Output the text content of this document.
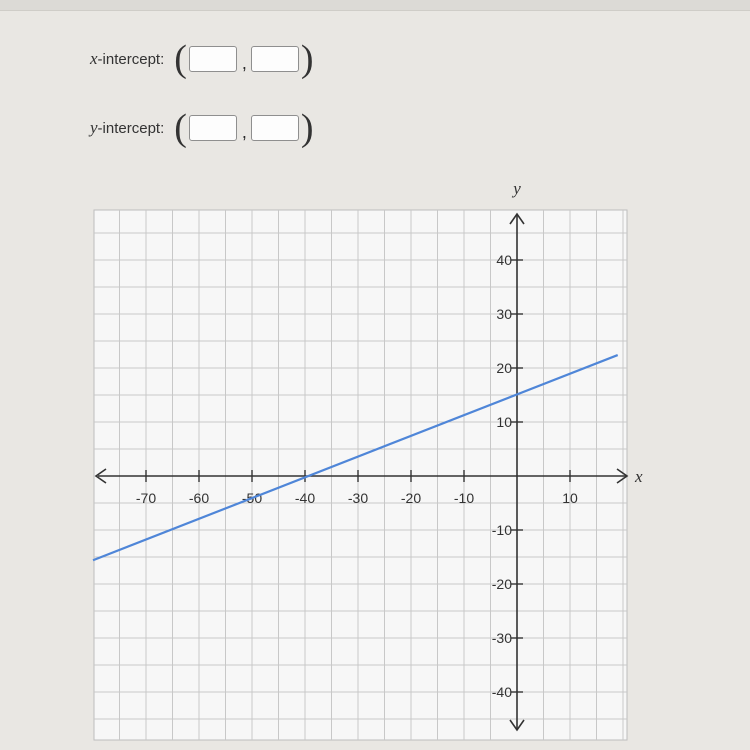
x-intercept: (	, )
y-intercept: (	, )
x
y
-70 -60 -50 -40 -30 -20 -10	10
40
30
20
10
-10
-20
-30
-40
